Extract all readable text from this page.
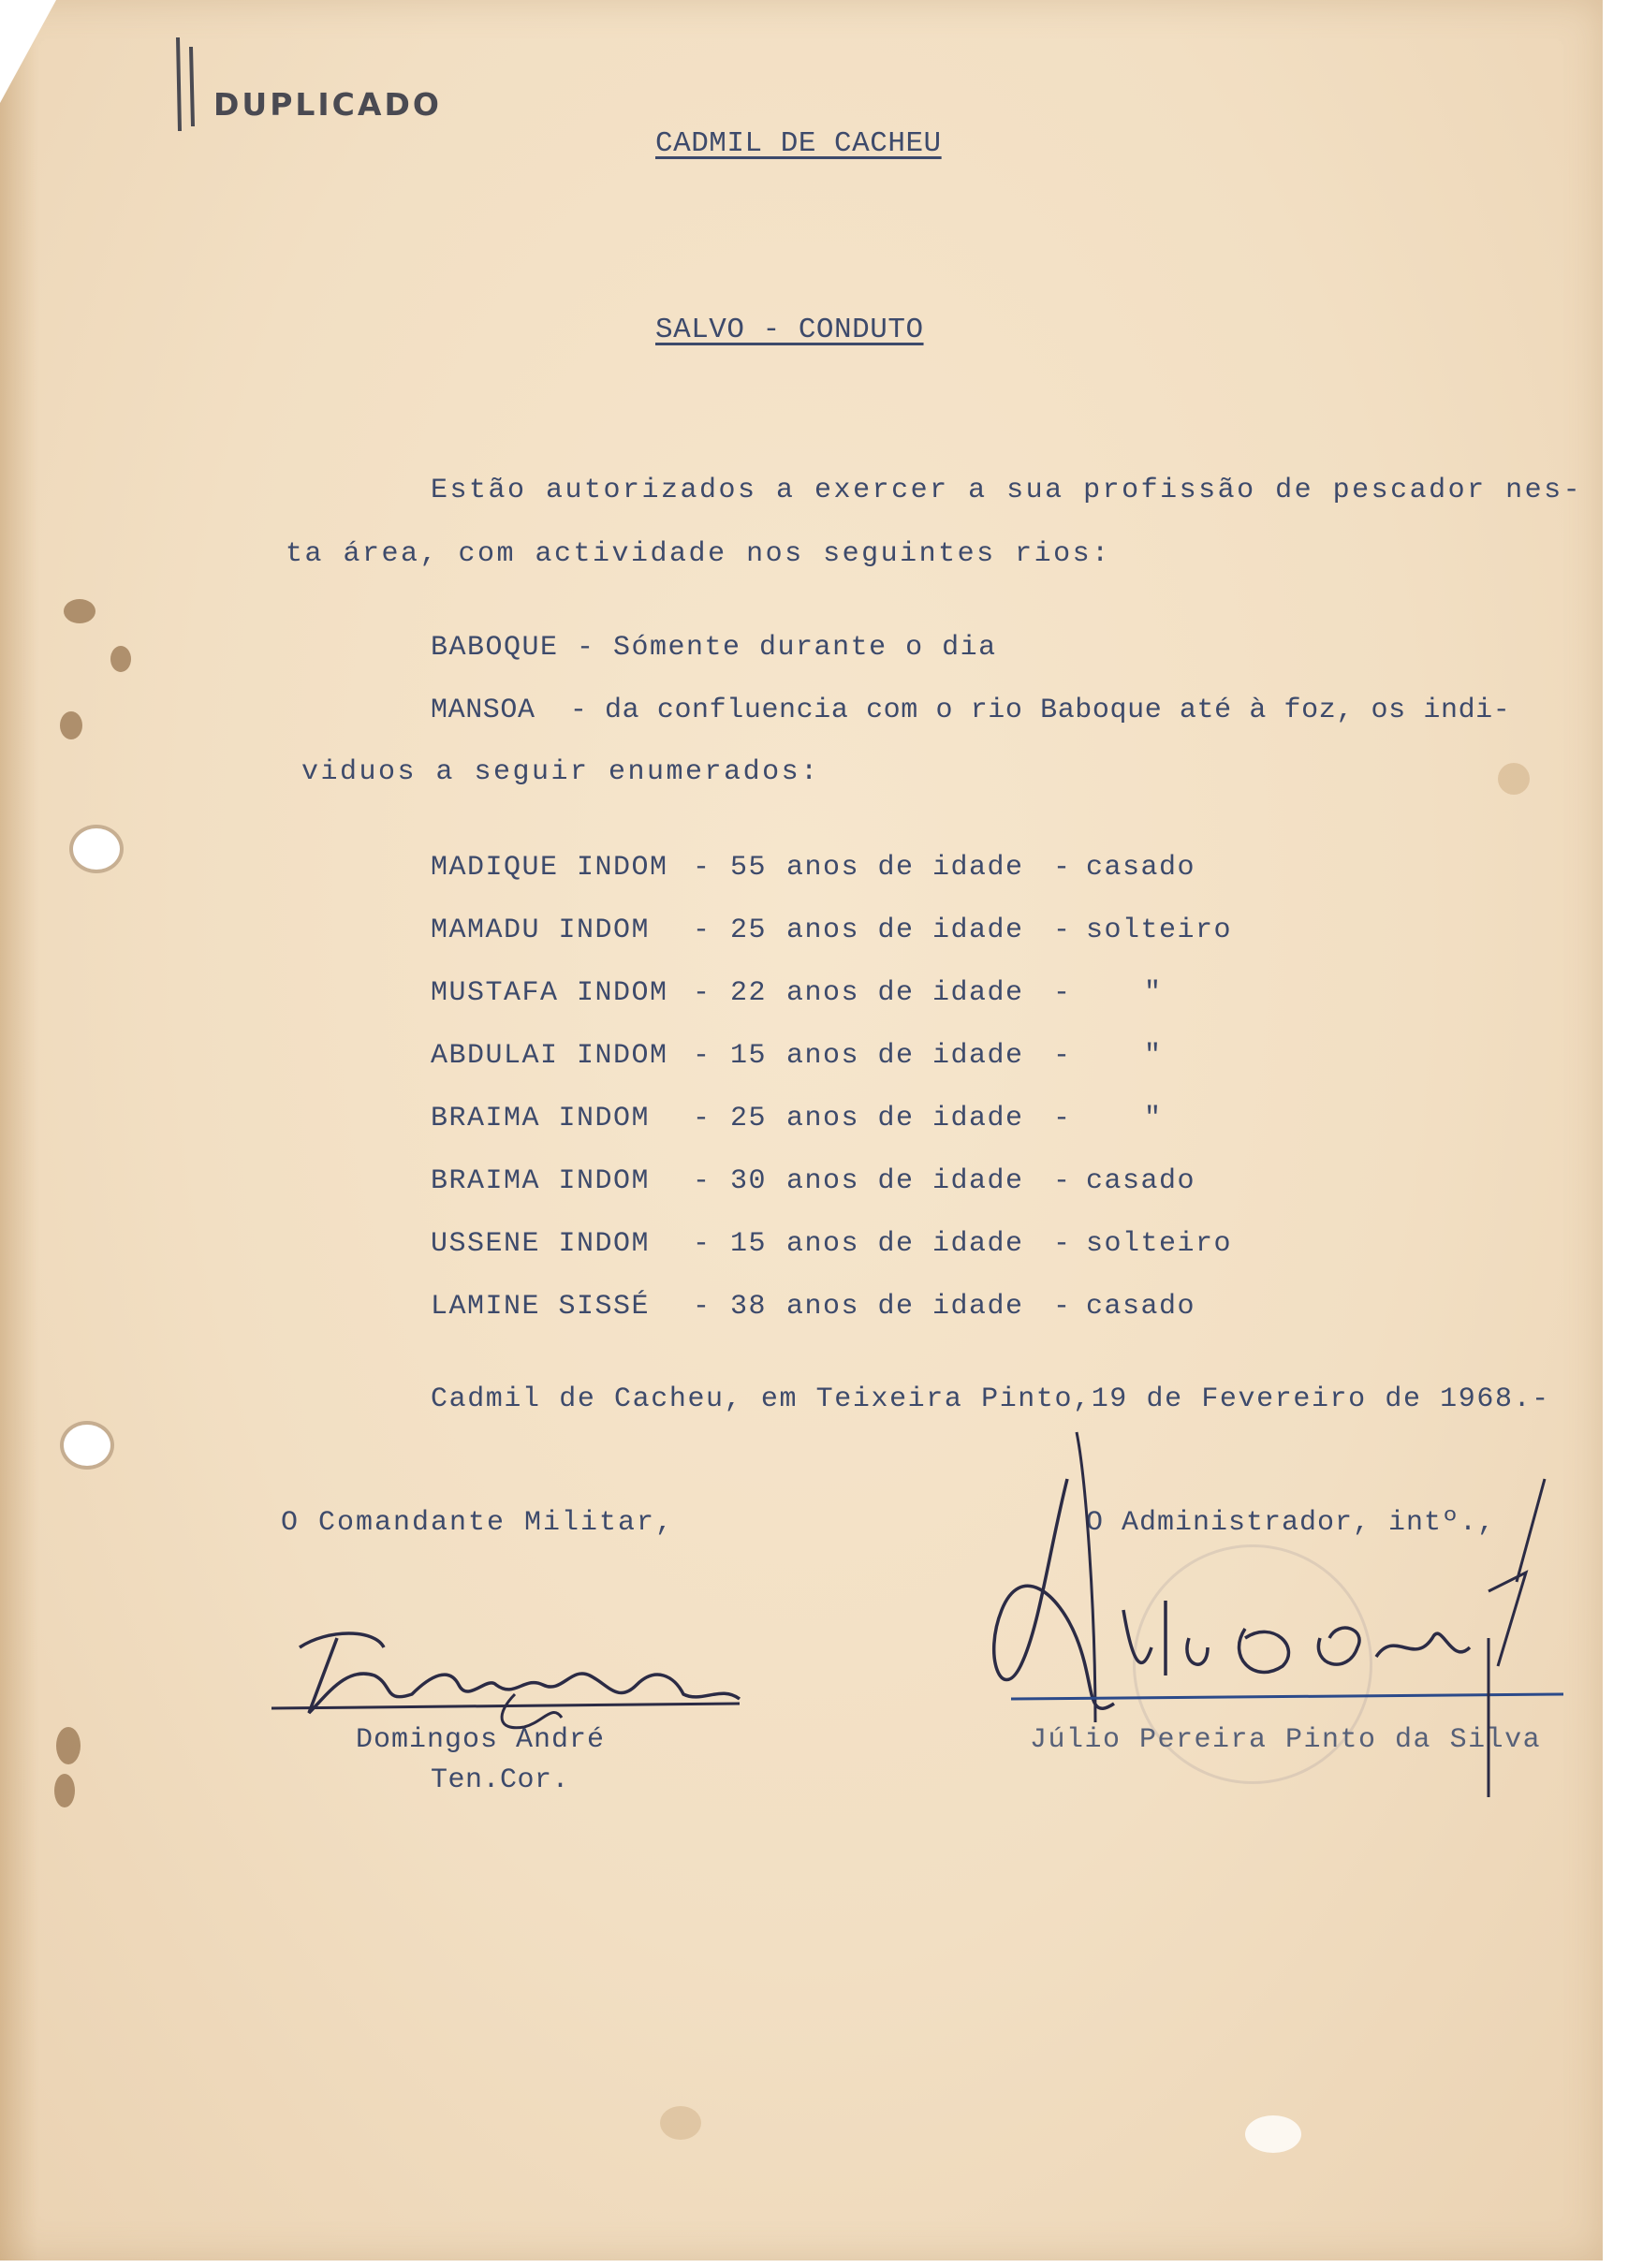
DUPLICADO
CADMIL DE CACHEU
SALVO - CONDUTO
Estão autorizados a exercer a sua profissão de pescador nes-
ta área, com actividade nos seguintes rios:
BABOQUE - Sómente durante o dia
MANSOA  - da confluencia com o rio Baboque até à foz, os indi-
viduos a seguir enumerados:
MADIQUE INDOM - 55 anos de idade - casado
MAMADU INDOM - 25 anos de idade - solteiro
MUSTAFA INDOM - 22 anos de idade -	"
ABDULAI INDOM - 15 anos de idade -	"
BRAIMA INDOM - 25 anos de idade -	"
BRAIMA INDOM - 30 anos de idade - casado
USSENE INDOM - 15 anos de idade - solteiro
LAMINE SISSÉ - 38 anos de idade - casado
Cadmil de Cacheu, em Teixeira Pinto,19 de Fevereiro de 1968.-
O Comandante Militar,	O Administrador, intº.,
Domingos André
Ten.Cor.
Júlio Pereira Pinto da Silva
